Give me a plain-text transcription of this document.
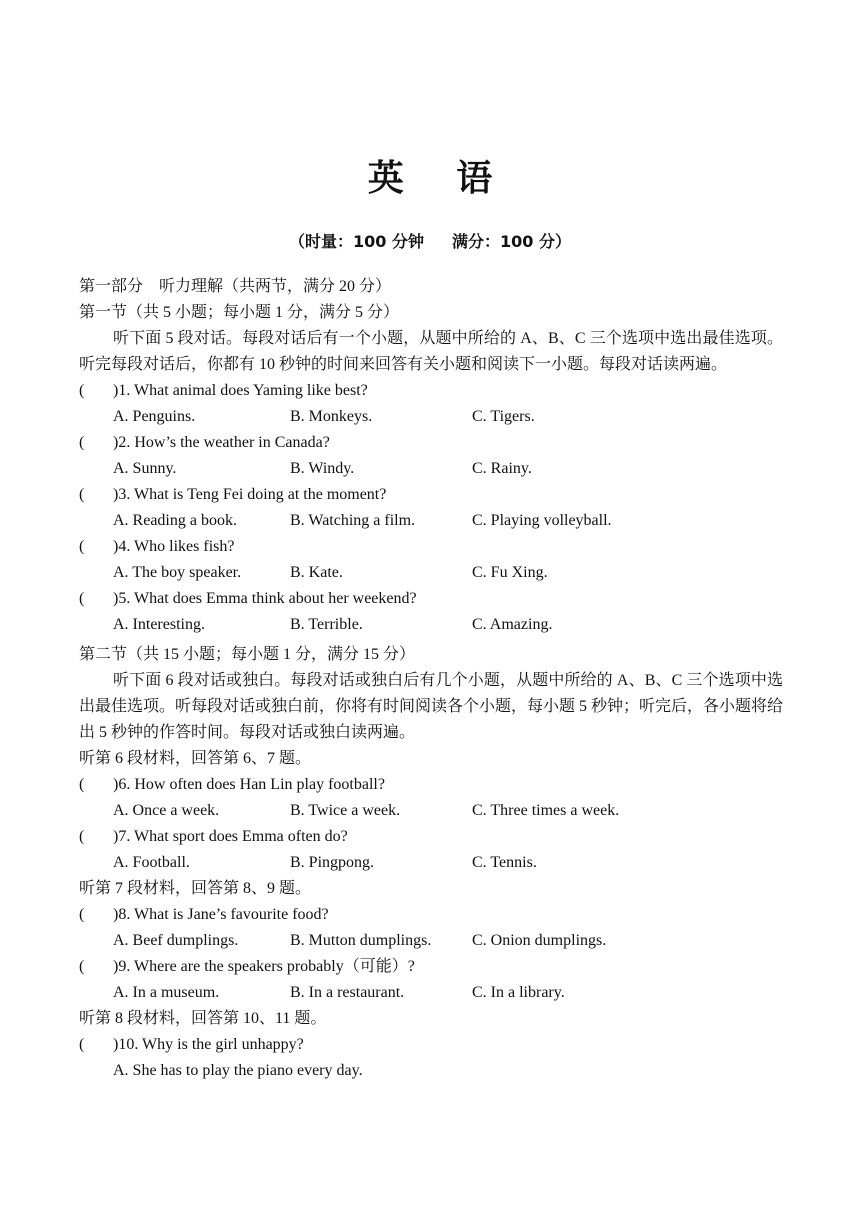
英 语
（时量：100 分钟 满分：100 分）
第一部分　听力理解（共两节，满分 20 分）
第一节（共 5 小题；每小题 1 分，满分 5 分）
听下面 5 段对话。每段对话后有一个小题，从题中所给的 A、B、C 三个选项中选出最佳选项。听完每段对话后，你都有 10 秒钟的时间来回答有关小题和阅读下一小题。每段对话读两遍。
( )1. What animal does Yaming like best?
A. Penguins.	B. Monkeys.	C. Tigers.
( )2. How’s the weather in Canada?
A. Sunny.	B. Windy.	C. Rainy.
( )3. What is Teng Fei doing at the moment?
A. Reading a book.	B. Watching a film.	C. Playing volleyball.
( )4. Who likes fish?
A. The boy speaker.	B. Kate.	C. Fu Xing.
( )5. What does Emma think about her weekend?
A. Interesting.	B. Terrible.	C. Amazing.
第二节（共 15 小题；每小题 1 分，满分 15 分）
听下面 6 段对话或独白。每段对话或独白后有几个小题，从题中所给的 A、B、C 三个选项中选出最佳选项。听每段对话或独白前，你将有时间阅读各个小题，每小题 5 秒钟；听完后，各小题将给出 5 秒钟的作答时间。每段对话或独白读两遍。
听第 6 段材料，回答第 6、7 题。
( )6. How often does Han Lin play football?
A. Once a week.	B. Twice a week.	C. Three times a week.
( )7. What sport does Emma often do?
A. Football.	B. Pingpong.	C. Tennis.
听第 7 段材料，回答第 8、9 题。
( )8. What is Jane’s favourite food?
A. Beef dumplings.	B. Mutton dumplings.	C. Onion dumplings.
( )9. Where are the speakers probably（可能）?
A. In a museum.	B. In a restaurant.	C. In a library.
听第 8 段材料，回答第 10、11 题。
( )10. Why is the girl unhappy?
A. She has to play the piano every day.
